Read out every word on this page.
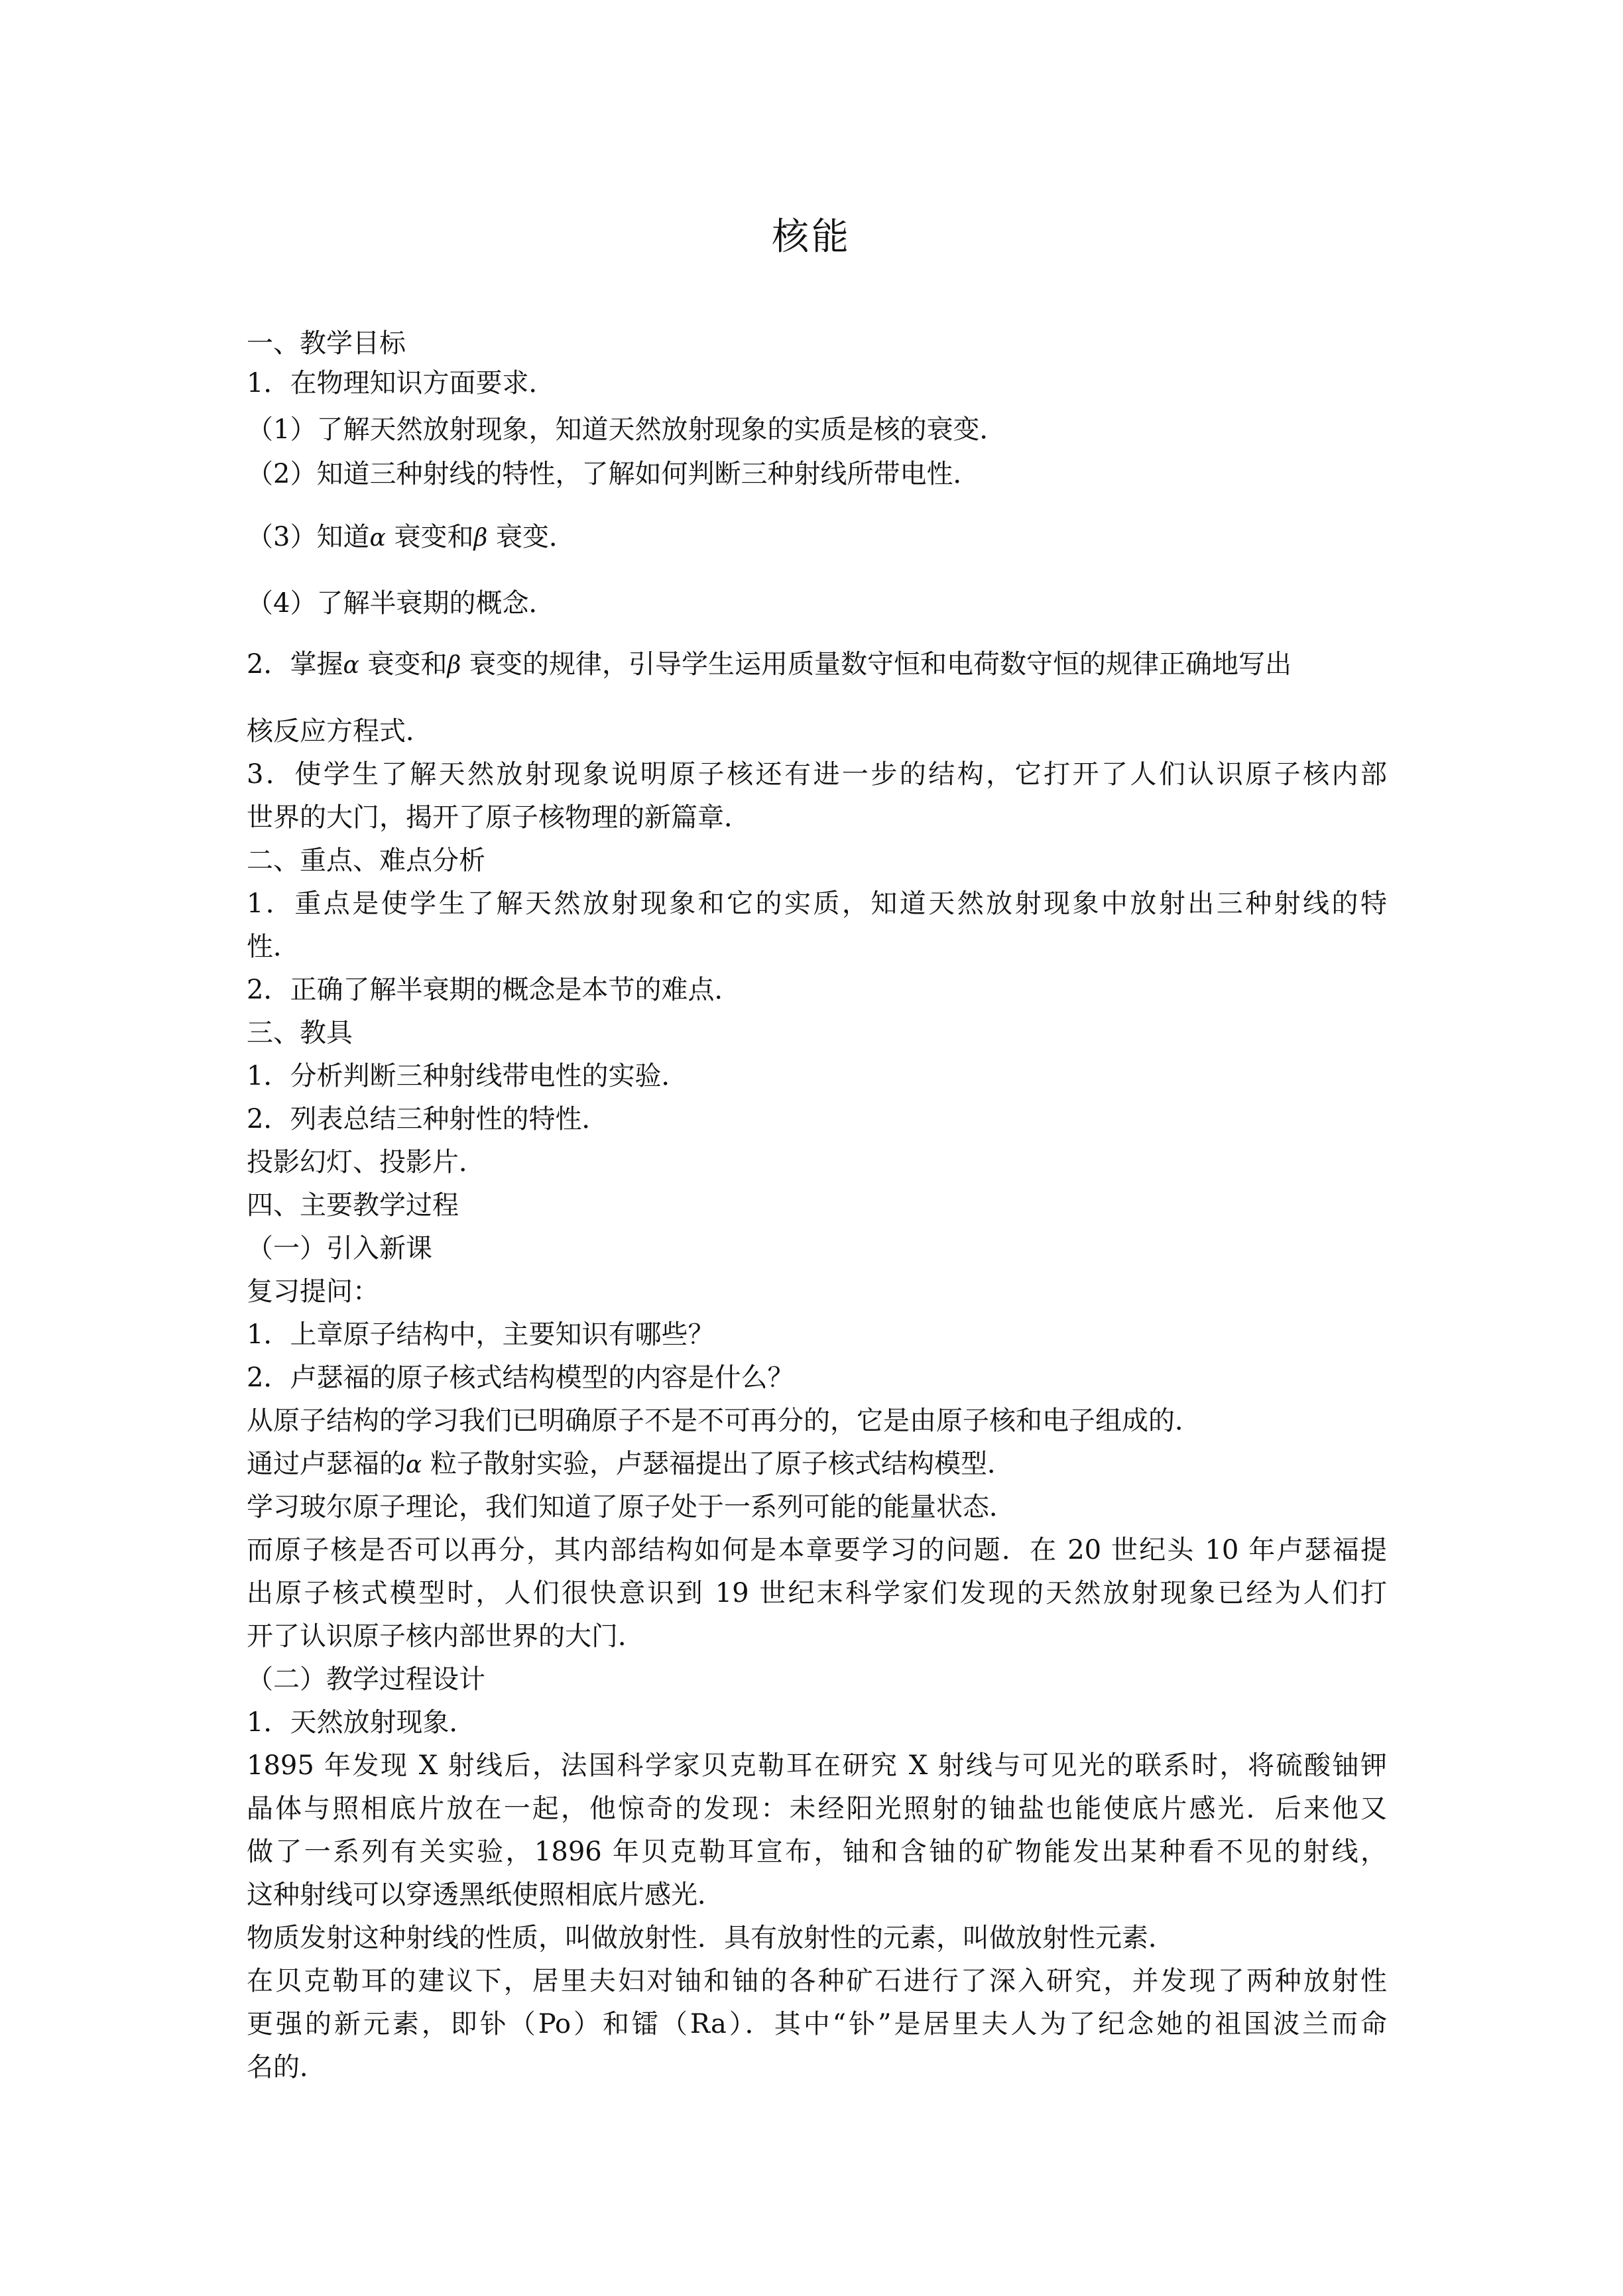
核能
一、教学目标
1．在物理知识方面要求．
（1）了解天然放射现象，知道天然放射现象的实质是核的衰变．
（2）知道三种射线的特性，了解如何判断三种射线所带电性．
（3）知道α 衰变和β 衰变．
（4）了解半衰期的概念．
2．掌握α 衰变和β 衰变的规律，引导学生运用质量数守恒和电荷数守恒的规律正确地写出
核反应方程式．
3．使学生了解天然放射现象说明原子核还有进一步的结构，它打开了人们认识原子核内部
世界的大门，揭开了原子核物理的新篇章．
二、重点、难点分析
1．重点是使学生了解天然放射现象和它的实质，知道天然放射现象中放射出三种射线的特
性．
2．正确了解半衰期的概念是本节的难点．
三、教具
1．分析判断三种射线带电性的实验．
2．列表总结三种射性的特性．
投影幻灯、投影片．
四、主要教学过程
（一）引入新课
复习提问：
1．上章原子结构中，主要知识有哪些？
2．卢瑟福的原子核式结构模型的内容是什么？
从原子结构的学习我们已明确原子不是不可再分的，它是由原子核和电子组成的．
通过卢瑟福的α 粒子散射实验，卢瑟福提出了原子核式结构模型．
学习玻尔原子理论，我们知道了原子处于一系列可能的能量状态．
而原子核是否可以再分，其内部结构如何是本章要学习的问题．在 20 世纪头 10 年卢瑟福提
出原子核式模型时，人们很快意识到 19 世纪末科学家们发现的天然放射现象已经为人们打
开了认识原子核内部世界的大门．
（二）教学过程设计
1．天然放射现象．
1895 年发现 X 射线后，法国科学家贝克勒耳在研究 X 射线与可见光的联系时，将硫酸铀钾
晶体与照相底片放在一起，他惊奇的发现：未经阳光照射的铀盐也能使底片感光．后来他又
做了一系列有关实验，1896 年贝克勒耳宣布，铀和含铀的矿物能发出某种看不见的射线，
这种射线可以穿透黑纸使照相底片感光．
物质发射这种射线的性质，叫做放射性．具有放射性的元素，叫做放射性元素．
在贝克勒耳的建议下，居里夫妇对铀和铀的各种矿石进行了深入研究，并发现了两种放射性
更强的新元素，即钋（Po）和镭（Ra）．其中“钋”是居里夫人为了纪念她的祖国波兰而命
名的．
